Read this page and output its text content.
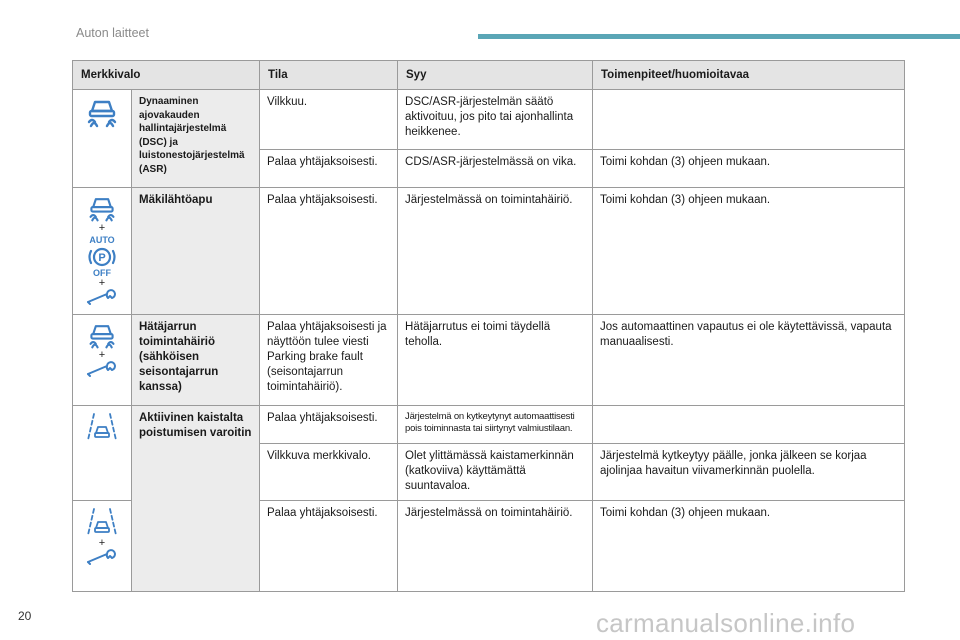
Auton laitteet
Merkkivalo		Tila	Syy	Toimenpiteet/huomioitavaa

	Dynaaminen ajovakauden hallintajärjestelmä (DSC) ja luistonestojärjestelmä (ASR)	Vilkkuu.	DSC/ASR-järjestelmän säätö aktivoituu, jos pito tai ajonhallinta heikkenee.	
		Palaa yhtäjaksoisesti.	CDS/ASR-järjestelmässä on vika.	Toimi kohdan (3) ohjeen mukaan.

+
AUTO
P
OFF
+	Mäkilähtöapu	Palaa yhtäjaksoisesti.	Järjestelmässä on toimintahäiriö.	Toimi kohdan (3) ohjeen mukaan.

+	Hätäjarrun toimintahäiriö (sähköisen seisontajarrun kanssa)	Palaa yhtäjaksoisesti ja näyttöön tulee viesti Parking brake fault (seisontajarrun toimintahäiriö).	Hätäjarrutus ei toimi täydellä teholla.	Jos automaattinen vapautus ei ole käytettävissä, vapauta manuaalisesti.

	Aktiivinen kaistalta poistumisen varoitin	Palaa yhtäjaksoisesti.	Järjestelmä on kytkeytynyt automaattisesti pois toiminnasta tai siirtynyt valmiustilaan.	
		Vilkkuva merkkivalo.	Olet ylittämässä kaistamerkinnän (katkoviiva) käyttämättä suuntavaloa.	Järjestelmä kytkeytyy päälle, jonka jälkeen se korjaa ajolinjaa havaitun viivamerkinnän puolella.

+		Palaa yhtäjaksoisesti.	Järjestelmässä on toimintahäiriö.	Toimi kohdan (3) ohjeen mukaan.
20	carmanualsonline.info
